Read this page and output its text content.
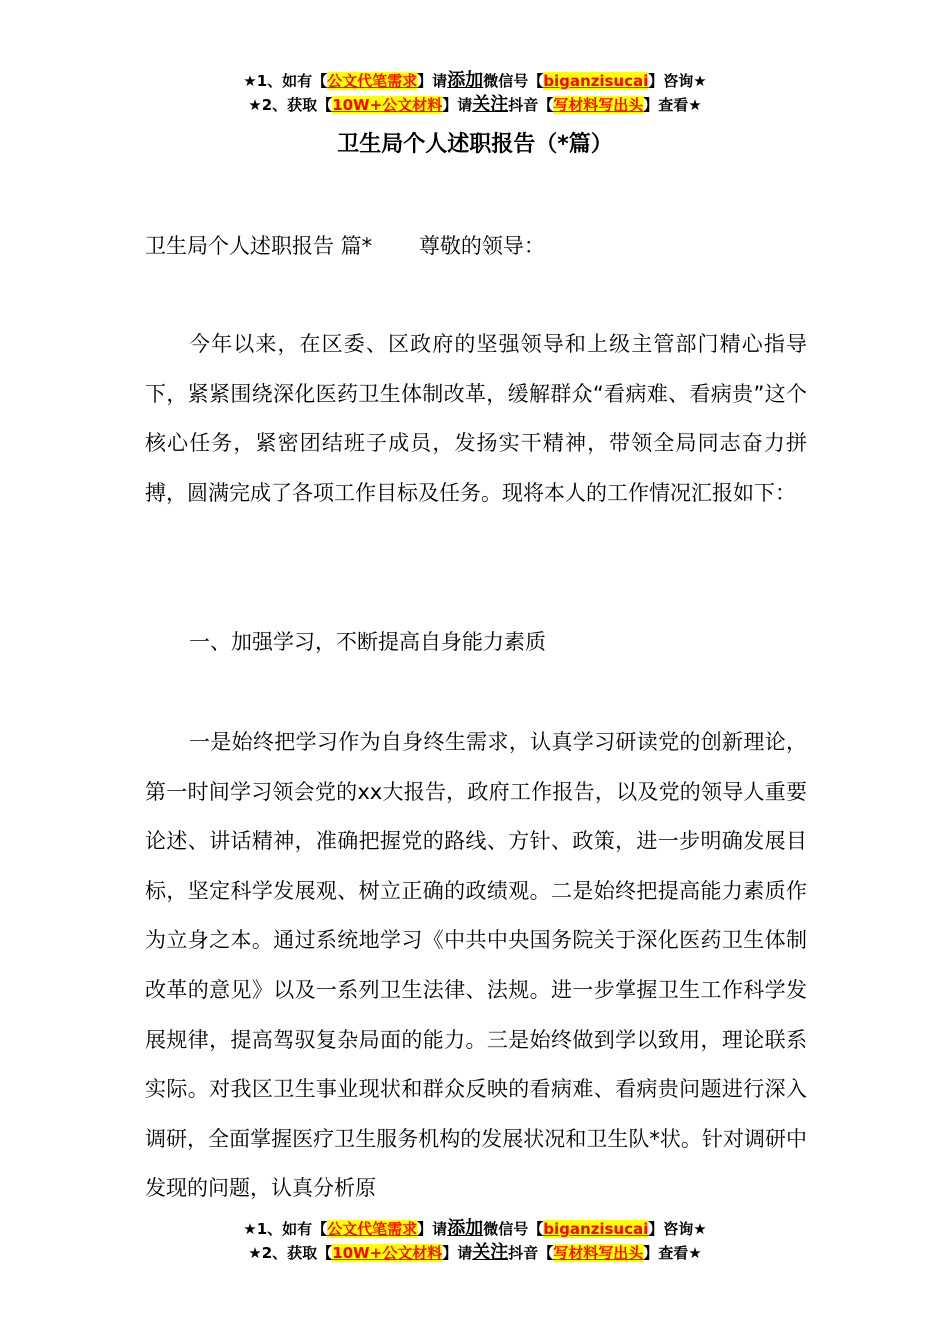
★1、如有【公文代笔需求】请添加微信号【biganzisucai】咨询★
★2、获取【10W+公文材料】请关注抖音【写材料写出头】查看★
卫生局个人述职报告（*篇）
卫生局个人述职报告 篇* 尊敬的领导：
今年以来，在区委、区政府的坚强领导和上级主管部门精心指导下，紧紧围绕深化医药卫生体制改革，缓解群众“看病难、看病贵”这个核心任务，紧密团结班子成员，发扬实干精神，带领全局同志奋力拼搏，圆满完成了各项工作目标及任务。现将本人的工作情况汇报如下：
一、加强学习，不断提高自身能力素质
一是始终把学习作为自身终生需求，认真学习研读党的创新理论，第一时间学习领会党的xx大报告，政府工作报告，以及党的领导人重要论述、讲话精神，准确把握党的路线、方针、政策，进一步明确发展目标，坚定科学发展观、树立正确的政绩观。二是始终把提高能力素质作为立身之本。通过系统地学习《中共中央国务院关于深化医药卫生体制改革的意见》以及一系列卫生法律、法规。进一步掌握卫生工作科学发展规律，提高驾驭复杂局面的能力。三是始终做到学以致用，理论联系实际。对我区卫生事业现状和群众反映的看病难、看病贵问题进行深入调研，全面掌握医疗卫生服务机构的发展状况和卫生队*状。针对调研中发现的问题，认真分析原
★1、如有【公文代笔需求】请添加微信号【biganzisucai】咨询★
★2、获取【10W+公文材料】请关注抖音【写材料写出头】查看★
